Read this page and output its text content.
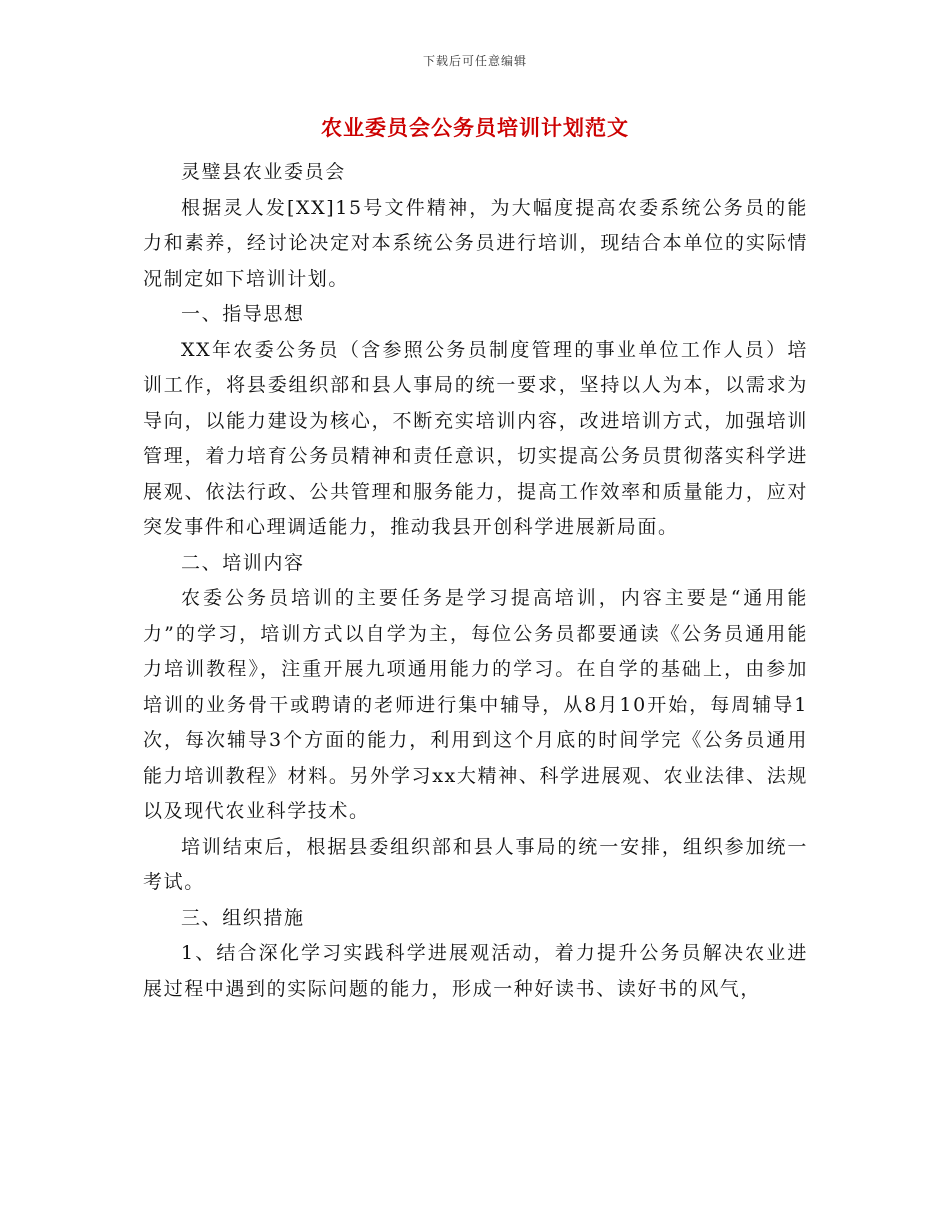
下载后可任意编辑
农业委员会公务员培训计划范文

灵璧县农业委员会

根据灵人发[XX]15号文件精神，为大幅度提高农委系统公务员的能力和素养，经讨论决定对本系统公务员进行培训，现结合本单位的实际情况制定如下培训计划。

一、指导思想

XX年农委公务员（含参照公务员制度管理的事业单位工作人员）培训工作，将县委组织部和县人事局的统一要求，坚持以人为本，以需求为导向，以能力建设为核心，不断充实培训内容，改进培训方式，加强培训管理，着力培育公务员精神和责任意识，切实提高公务员贯彻落实科学进展观、依法行政、公共管理和服务能力，提高工作效率和质量能力，应对突发事件和心理调适能力，推动我县开创科学进展新局面。

二、培训内容

农委公务员培训的主要任务是学习提高培训，内容主要是“通用能力”的学习，培训方式以自学为主，每位公务员都要通读《公务员通用能力培训教程》，注重开展九项通用能力的学习。在自学的基础上，由参加培训的业务骨干或聘请的老师进行集中辅导，从8月10开始，每周辅导1次，每次辅导3个方面的能力，利用到这个月底的时间学完《公务员通用能力培训教程》材料。另外学习xx大精神、科学进展观、农业法律、法规以及现代农业科学技术。

培训结束后，根据县委组织部和县人事局的统一安排，组织参加统一考试。

三、组织措施

1、结合深化学习实践科学进展观活动，着力提升公务员解决农业进展过程中遇到的实际问题的能力，形成一种好读书、读好书的风气，
